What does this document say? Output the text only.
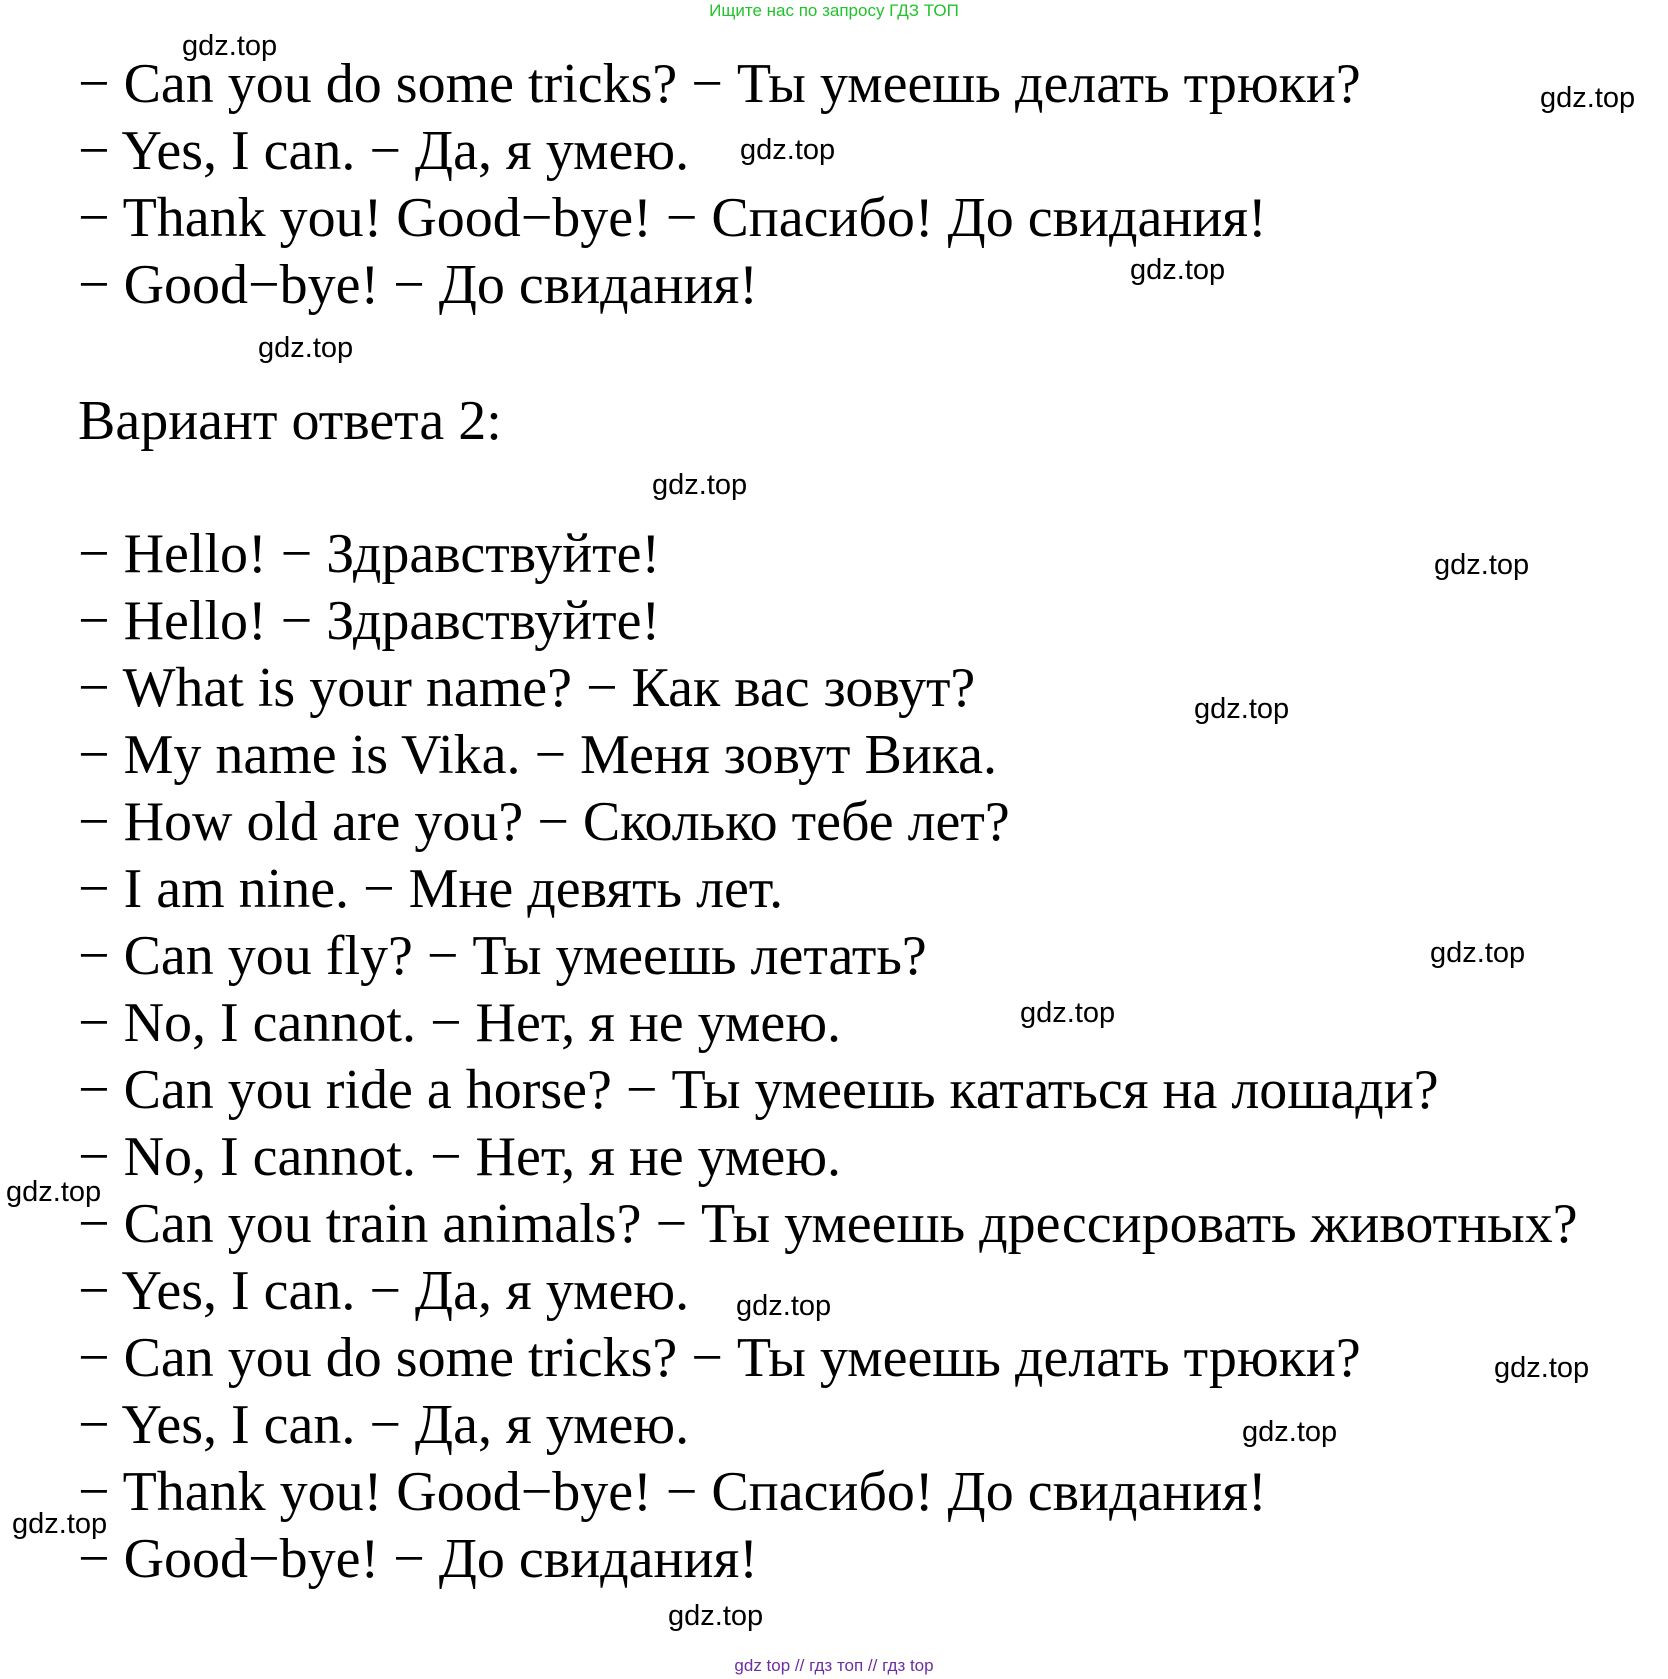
Ищите нас по запросу ГДЗ ТОП
− Can you do some tricks? − Ты умеешь делать трюки?
− Yes, I can. − Да, я умею.
− Thank you! Good−bye! − Спасибо! До свидания!
− Good−bye! − До свидания!
Вариант ответа 2:
− Hello! − Здравствуйте!
− Hello! − Здравствуйте!
− What is your name? − Как вас зовут?
− My name is Vika. − Меня зовут Вика.
− How old are you? − Сколько тебе лет?
− I am nine. − Мне девять лет.
− Can you fly? − Ты умеешь летать?
− No, I cannot. − Нет, я не умею.
− Can you ride a horse? − Ты умеешь кататься на лошади?
− No, I cannot. − Нет, я не умею.
− Can you train animals? − Ты умеешь дрессировать животных?
− Yes, I can. − Да, я умею.
− Can you do some tricks? − Ты умеешь делать трюки?
− Yes, I can. − Да, я умею.
− Thank you! Good−bye! − Спасибо! До свидания!
− Good−bye! − До свидания!
gdz.top
gdz.top
gdz.top
gdz.top
gdz.top
gdz.top
gdz.top
gdz.top
gdz.top
gdz.top
gdz.top
gdz.top
gdz.top
gdz.top
gdz.top
gdz.top
gdz top // гдз топ // гдз top
